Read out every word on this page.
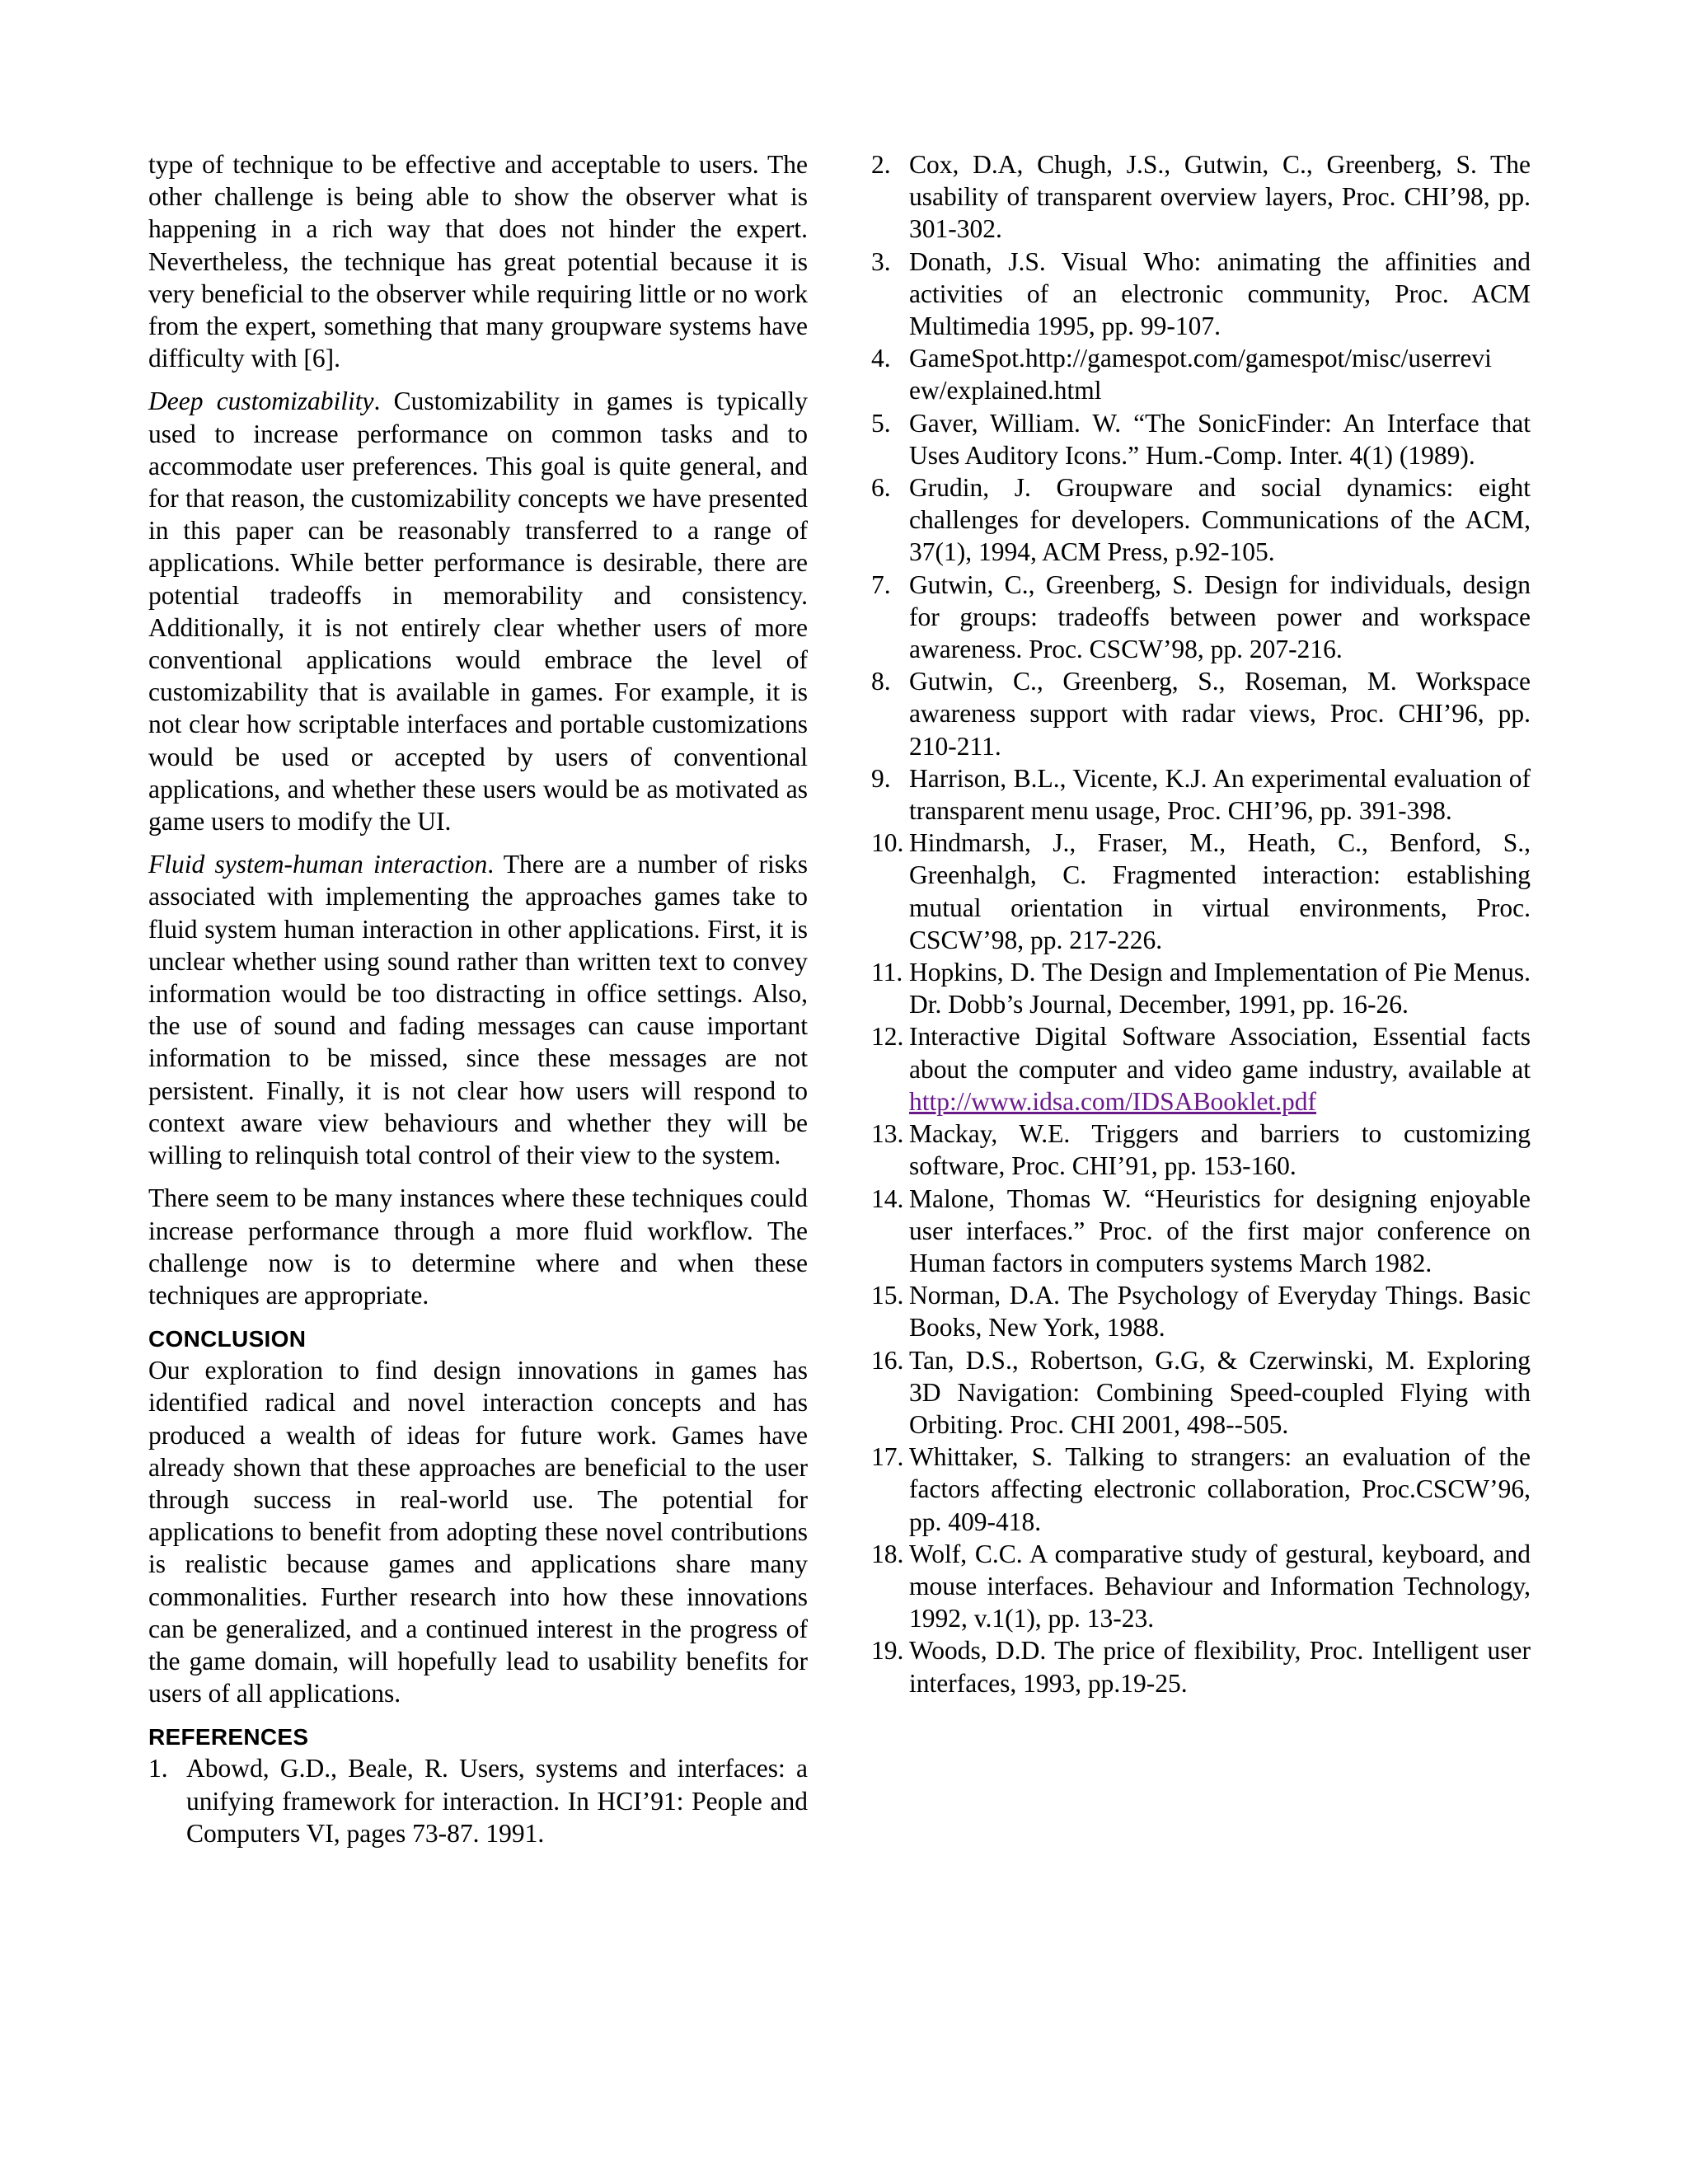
type of technique to be effective and acceptable to users. The other challenge is being able to show the observer what is happening in a rich way that does not hinder the expert. Nevertheless, the technique has great potential because it is very beneficial to the observer while requiring little or no work from the expert, something that many groupware systems have difficulty with [6].

Deep customizability. Customizability in games is typically used to increase performance on common tasks and to accommodate user preferences. This goal is quite general, and for that reason, the customizability concepts we have presented in this paper can be reasonably transferred to a range of applications. While better performance is desirable, there are potential tradeoffs in memorability and consistency. Additionally, it is not entirely clear whether users of more conventional applications would embrace the level of customizability that is available in games. For example, it is not clear how scriptable interfaces and portable customizations would be used or accepted by users of conventional applications, and whether these users would be as motivated as game users to modify the UI.

Fluid system-human interaction. There are a number of risks associated with implementing the approaches games take to fluid system human interaction in other applications. First, it is unclear whether using sound rather than written text to convey information would be too distracting in office settings. Also, the use of sound and fading messages can cause important information to be missed, since these messages are not persistent. Finally, it is not clear how users will respond to context aware view behaviours and whether they will be willing to relinquish total control of their view to the system.

There seem to be many instances where these techniques could increase performance through a more fluid workflow. The challenge now is to determine where and when these techniques are appropriate.

CONCLUSION

Our exploration to find design innovations in games has identified radical and novel interaction concepts and has produced a wealth of ideas for future work. Games have already shown that these approaches are beneficial to the user through success in real-world use. The potential for applications to benefit from adopting these novel contributions is realistic because games and applications share many commonalities. Further research into how these innovations can be generalized, and a continued interest in the progress of the game domain, will hopefully lead to usability benefits for users of all applications.

REFERENCES
1. Abowd, G.D., Beale, R. Users, systems and interfaces: a unifying framework for interaction. In HCI’91: People and Computers VI, pages 73-87. 1991.
2. Cox, D.A, Chugh, J.S., Gutwin, C., Greenberg, S. The usability of transparent overview layers, Proc. CHI’98, pp. 301-302.
3. Donath, J.S. Visual Who: animating the affinities and activities of an electronic community, Proc. ACM Multimedia 1995, pp. 99-107.
4. GameSpot.http://gamespot.com/gamespot/misc/userrevi ew/explained.html
5. Gaver, William. W. “The SonicFinder: An Interface that Uses Auditory Icons.” Hum.-Comp. Inter. 4(1) (1989).
6. Grudin, J. Groupware and social dynamics: eight challenges for developers. Communications of the ACM, 37(1), 1994, ACM Press, p.92-105.
7. Gutwin, C., Greenberg, S. Design for individuals, design for groups: tradeoffs between power and workspace awareness. Proc. CSCW’98, pp. 207-216.
8. Gutwin, C., Greenberg, S., Roseman, M. Workspace awareness support with radar views, Proc. CHI’96, pp. 210-211.
9. Harrison, B.L., Vicente, K.J. An experimental evaluation of transparent menu usage, Proc. CHI’96, pp. 391-398.
10. Hindmarsh, J., Fraser, M., Heath, C., Benford, S., Greenhalgh, C. Fragmented interaction: establishing mutual orientation in virtual environments, Proc. CSCW’98, pp. 217-226.
11. Hopkins, D. The Design and Implementation of Pie Menus. Dr. Dobb’s Journal, December, 1991, pp. 16-26.
12. Interactive Digital Software Association, Essential facts about the computer and video game industry, available at http://www.idsa.com/IDSABooklet.pdf
13. Mackay, W.E. Triggers and barriers to customizing software, Proc. CHI’91, pp. 153-160.
14. Malone, Thomas W. “Heuristics for designing enjoyable user interfaces.” Proc. of the first major conference on Human factors in computers systems March 1982.
15. Norman, D.A. The Psychology of Everyday Things. Basic Books, New York, 1988.
16. Tan, D.S., Robertson, G.G, & Czerwinski, M. Exploring 3D Navigation: Combining Speed-coupled Flying with Orbiting. Proc. CHI 2001, 498--505.
17. Whittaker, S. Talking to strangers: an evaluation of the factors affecting electronic collaboration, Proc.CSCW’96, pp. 409-418.
18. Wolf, C.C. A comparative study of gestural, keyboard, and mouse interfaces. Behaviour and Information Technology, 1992, v.1(1), pp. 13-23.
19. Woods, D.D. The price of flexibility, Proc. Intelligent user interfaces, 1993, pp.19-25.
